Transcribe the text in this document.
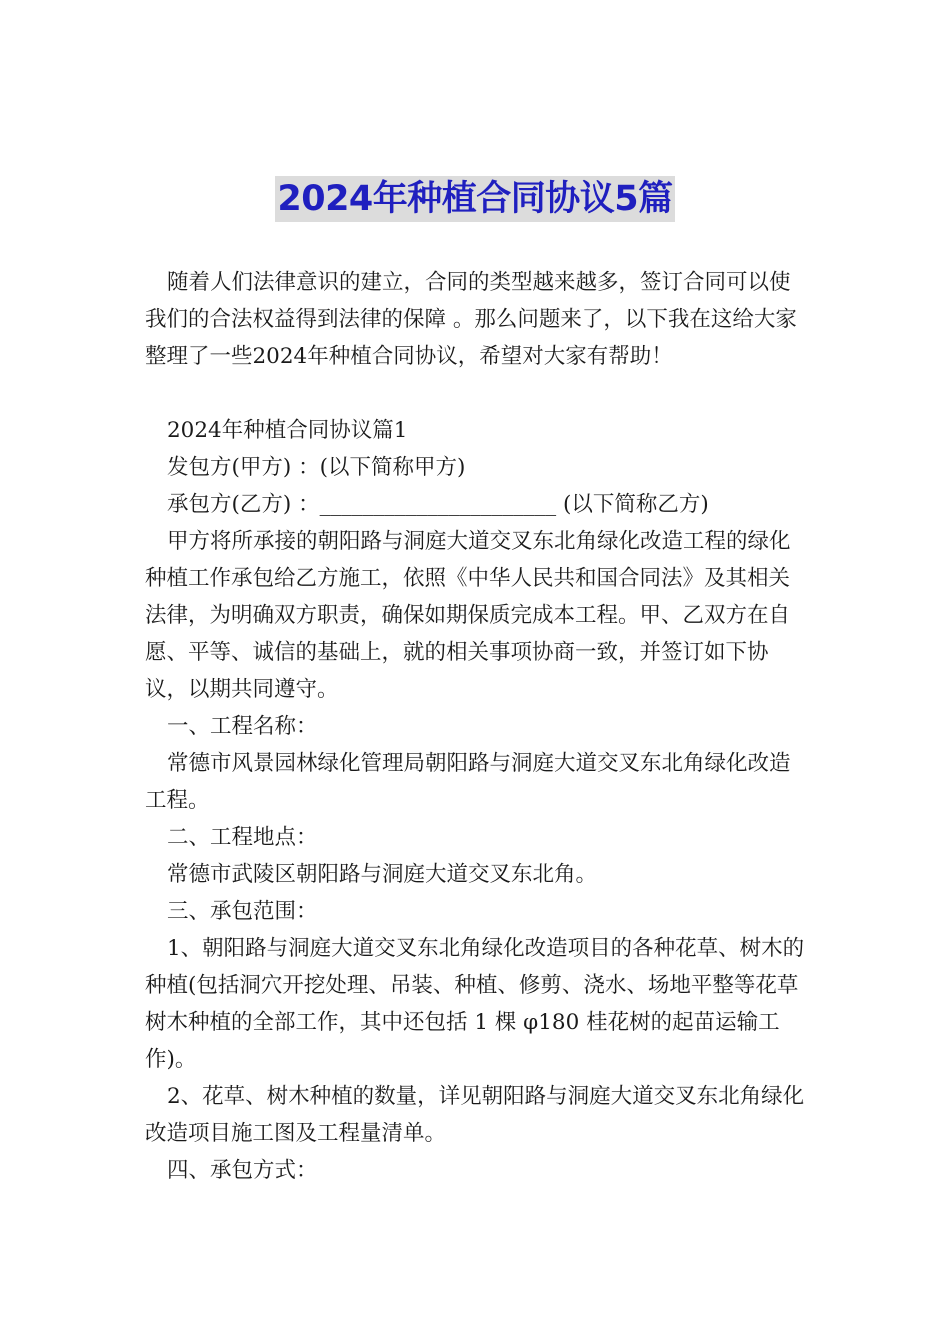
2024年种植合同协议5篇

随着人们法律意识的建立，合同的类型越来越多，签订合同可以使我们的合法权益得到法律的保障 。那么问题来了，以下我在这给大家整理了一些2024年种植合同协议，希望对大家有帮助！

2024年种植合同协议篇1

发包方(甲方) ：(以下简称甲方)

承包方(乙方) ：______________________ (以下简称乙方)

甲方将所承接的朝阳路与洞庭大道交叉东北角绿化改造工程的绿化种植工作承包给乙方施工，依照《中华人民共和国合同法》及其相关法律，为明确双方职责，确保如期保质完成本工程。甲、乙双方在自愿、平等、诚信的基础上，就的相关事项协商一致，并签订如下协议，以期共同遵守。

一、工程名称：

常德市风景园林绿化管理局朝阳路与洞庭大道交叉东北角绿化改造工程。

二、工程地点：

常德市武陵区朝阳路与洞庭大道交叉东北角。

三、承包范围：

1、朝阳路与洞庭大道交叉东北角绿化改造项目的各种花草、树木的种植(包括洞穴开挖处理、吊装、种植、修剪、浇水、场地平整等花草树木种植的全部工作，其中还包括 1 棵 φ180 桂花树的起苗运输工作)。

2、花草、树木种植的数量，详见朝阳路与洞庭大道交叉东北角绿化改造项目施工图及工程量清单。

四、承包方式：
